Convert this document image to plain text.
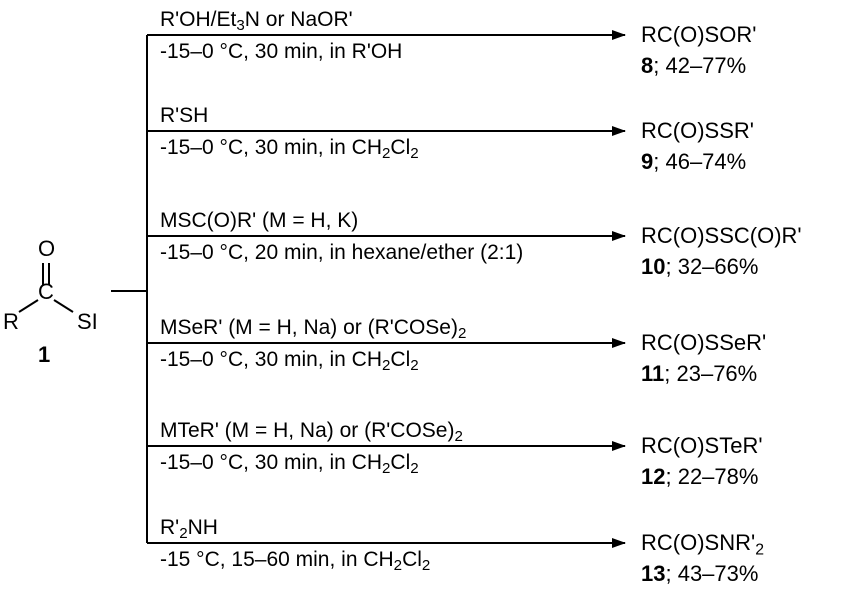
O
C
R	SI
1
$R'OH/Et_3N$ or NaOR'
-15–0 °C, 30 min, in R'OH
RC(O)SOR'
8; 42–77%
R'SH
-15–0 °C, 30 min, in $CH_2Cl_2$
RC(O)SSR'
9; 46–74%
MSC(O)R' (M = H, K)
-15–0 °C, 20 min, in hexane/ether (2:1)
RC(O)SSC(O)R'
10; 32–66%
MSeR' (M = H, Na) or $(R'COSe)_2$
-15–0 °C, 30 min, in $CH_2Cl_2$
RC(O)SSeR'
11; 23–76%
MTeR' (M = H, Na) or $(R'COSe)_2$
-15–0 °C, 30 min, in $CH_2Cl_2$
RC(O)STeR'
12; 22–78%
$R'_2NH$
-15 °C, 15–60 min, in $CH_2Cl_2$
$RC(O)SNR'_2$
13; 43–73%
